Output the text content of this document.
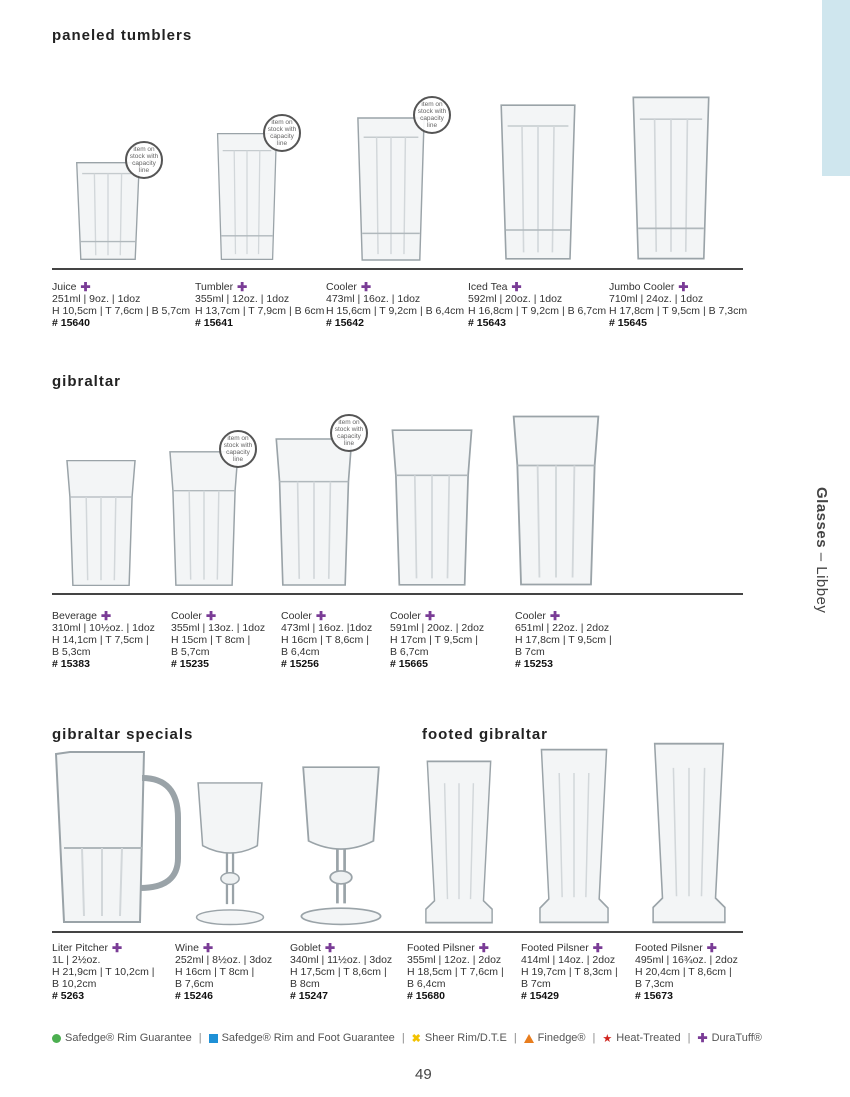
Glasses – Libbey
paneled tumblers
gibraltar
gibraltar specials	footed gibraltar
item on stock with capacity line
item on stock with capacity line
item on stock with capacity line
item on stock with capacity line
item on stock with capacity line
Juice ✚
251ml | 9oz. | 1doz
H 10,5cm | T 7,6cm | B 5,7cm
# 15640
Tumbler ✚
355ml | 12oz. | 1doz
H 13,7cm | T 7,9cm | B 6cm
# 15641
Cooler ✚
473ml | 16oz. | 1doz
H 15,6cm | T 9,2cm | B 6,4cm
# 15642
Iced Tea ✚
592ml | 20oz. | 1doz
H 16,8cm | T 9,2cm | B 6,7cm
# 15643
Jumbo Cooler ✚
710ml | 24oz. | 1doz
H 17,8cm | T 9,5cm | B 7,3cm
# 15645
Beverage ✚
310ml | 10½oz. | 1doz
H 14,1cm | T 7,5cm |
B 5,3cm
# 15383
Cooler ✚
355ml | 13oz. | 1doz
H 15cm | T 8cm |
B 5,7cm
# 15235
Cooler ✚
473ml | 16oz. |1doz
H 16cm | T 8,6cm |
B 6,4cm
# 15256
Cooler ✚
591ml | 20oz. | 2doz
H 17cm | T 9,5cm |
B 6,7cm
# 15665
Cooler ✚
651ml | 22oz. | 2doz
H 17,8cm | T 9,5cm |
B 7cm
# 15253
Liter Pitcher ✚
1L | 2½oz.
H 21,9cm | T 10,2cm |
B 10,2cm
# 5263
Wine ✚
252ml | 8½oz. | 3doz
H 16cm | T 8cm |
B 7,6cm
# 15246
Goblet ✚
340ml | 11½oz. | 3doz
H 17,5cm | T 8,6cm |
B 8cm
# 15247
Footed Pilsner ✚
355ml | 12oz. | 2doz
H 18,5cm | T 7,6cm |
B 6,4cm
# 15680
Footed Pilsner ✚
414ml | 14oz. | 2doz
H 19,7cm | T 8,3cm |
B 7cm
# 15429
Footed Pilsner ✚
495ml | 16¾oz. | 2doz
H 20,4cm | T 8,6cm |
B 7,3cm
# 15673
Safedge® Rim Guarantee | Safedge® Rim and Foot Guarantee | ✖ Sheer Rim/D.T.E | Finedge® | ★ Heat-Treated | ✚ DuraTuff®
49
